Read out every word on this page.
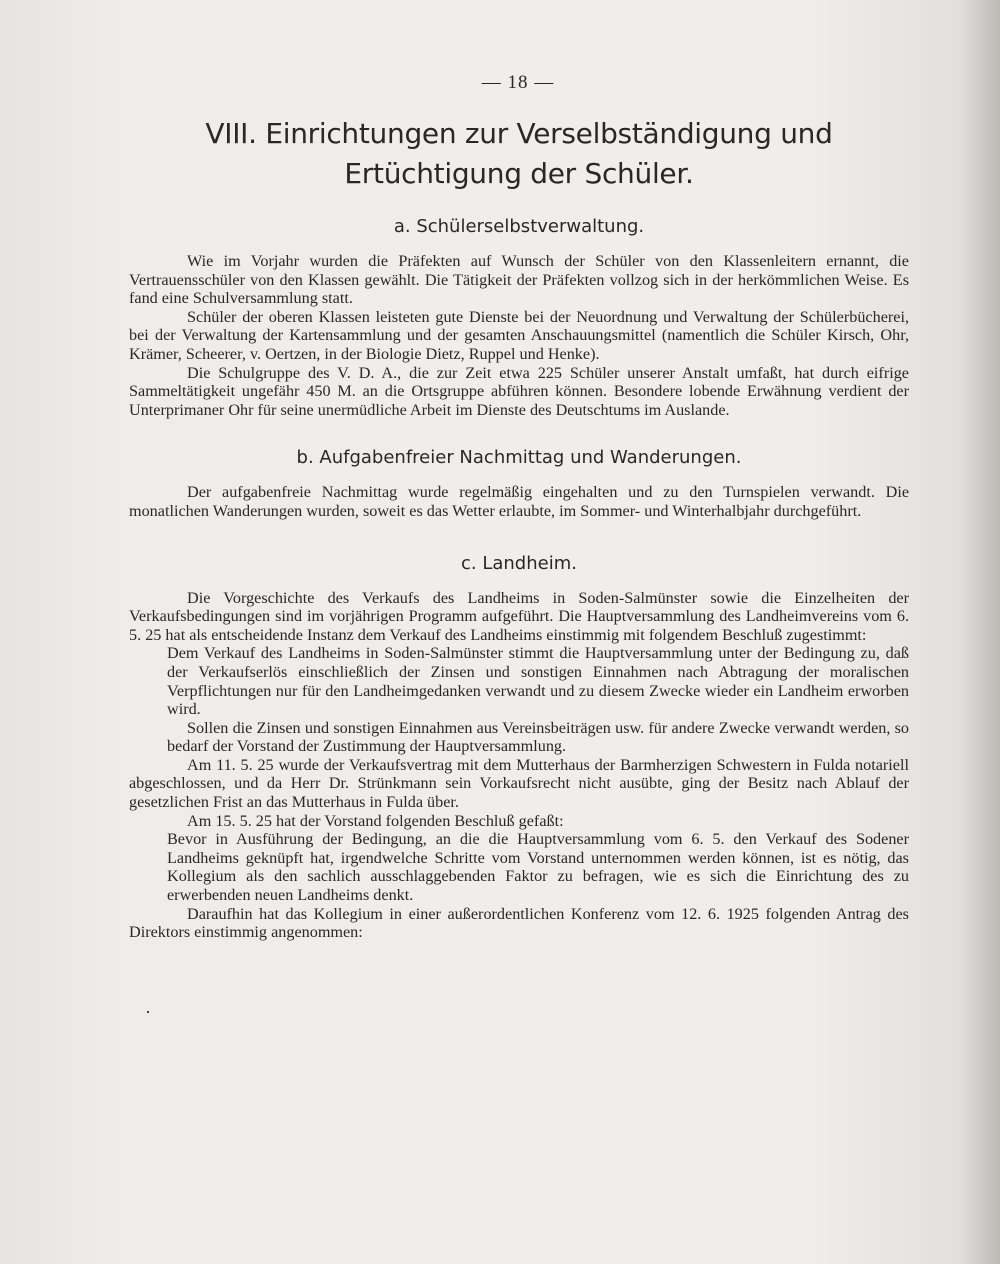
— 18 —
VIII. Einrichtungen zur Verselbständigung und Ertüchtigung der Schüler.
a. Schülerselbstverwaltung.

Wie im Vorjahr wurden die Präfekten auf Wunsch der Schüler von den Klassenleitern ernannt, die Vertrauensschüler von den Klassen gewählt. Die Tätigkeit der Präfekten vollzog sich in der herkömmlichen Weise. Es fand eine Schulversammlung statt.

Schüler der oberen Klassen leisteten gute Dienste bei der Neuordnung und Verwaltung der Schülerbücherei, bei der Verwaltung der Kartensammlung und der gesamten Anschauungsmittel (namentlich die Schüler Kirsch, Ohr, Krämer, Scheerer, v. Oertzen, in der Biologie Dietz, Ruppel und Henke).

Die Schulgruppe des V. D. A., die zur Zeit etwa 225 Schüler unserer Anstalt umfaßt, hat durch eifrige Sammeltätigkeit ungefähr 450 M. an die Ortsgruppe abführen können. Besondere lobende Erwähnung verdient der Unterprimaner Ohr für seine unermüdliche Arbeit im Dienste des Deutschtums im Auslande.

b. Aufgabenfreier Nachmittag und Wanderungen.

Der aufgabenfreie Nachmittag wurde regelmäßig eingehalten und zu den Turnspielen verwandt. Die monatlichen Wanderungen wurden, soweit es das Wetter erlaubte, im Sommer- und Winterhalbjahr durchgeführt.

c. Landheim.

Die Vorgeschichte des Verkaufs des Landheims in Soden-Salmünster sowie die Einzelheiten der Verkaufsbedingungen sind im vorjährigen Programm aufgeführt. Die Hauptversammlung des Landheimvereins vom 6. 5. 25 hat als entscheidende Instanz dem Verkauf des Landheims einstimmig mit folgendem Beschluß zugestimmt:

Dem Verkauf des Landheims in Soden-Salmünster stimmt die Hauptversammlung unter der Bedingung zu, daß der Verkaufserlös einschließlich der Zinsen und sonstigen Einnahmen nach Abtragung der moralischen Verpflichtungen nur für den Landheimgedanken verwandt und zu diesem Zwecke wieder ein Landheim erworben wird.

Sollen die Zinsen und sonstigen Einnahmen aus Vereinsbeiträgen usw. für andere Zwecke verwandt werden, so bedarf der Vorstand der Zustimmung der Hauptversammlung.

Am 11. 5. 25 wurde der Verkaufsvertrag mit dem Mutterhaus der Barmherzigen Schwestern in Fulda notariell abgeschlossen, und da Herr Dr. Strünkmann sein Vorkaufsrecht nicht ausübte, ging der Besitz nach Ablauf der gesetzlichen Frist an das Mutterhaus in Fulda über.

Am 15. 5. 25 hat der Vorstand folgenden Beschluß gefaßt:

Bevor in Ausführung der Bedingung, an die die Hauptversammlung vom 6. 5. den Verkauf des Sodener Landheims geknüpft hat, irgendwelche Schritte vom Vorstand unternommen werden können, ist es nötig, das Kollegium als den sachlich ausschlaggebenden Faktor zu befragen, wie es sich die Einrichtung des zu erwerbenden neuen Landheims denkt.

Daraufhin hat das Kollegium in einer außerordentlichen Konferenz vom 12. 6. 1925 folgenden Antrag des Direktors einstimmig angenommen:

·
